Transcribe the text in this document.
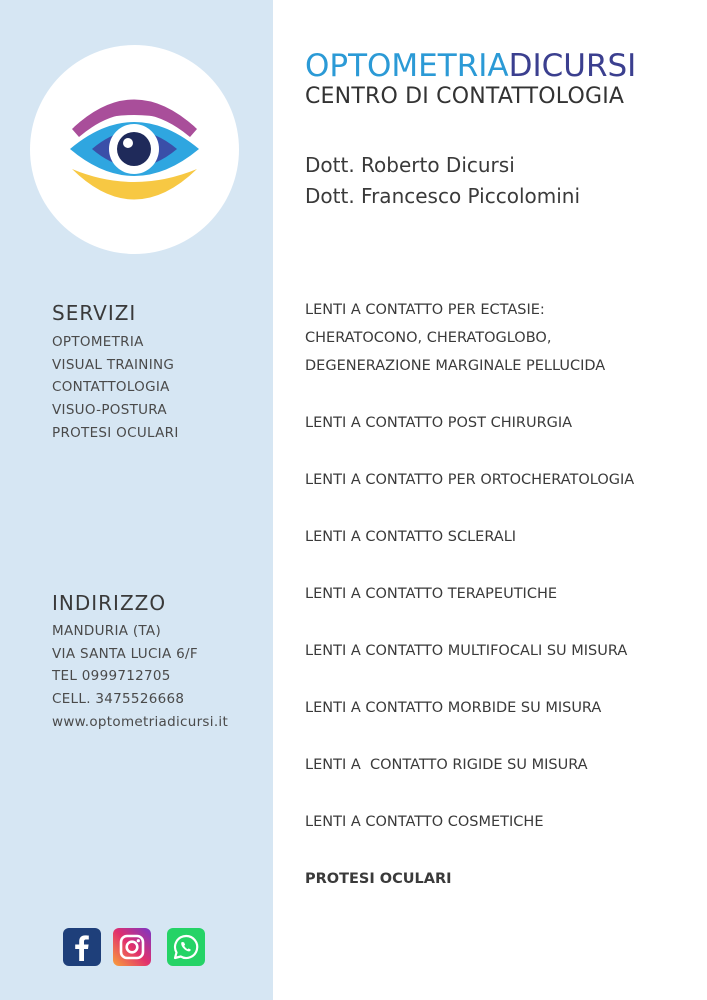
SERVIZI
OPTOMETRIA
VISUAL TRAINING
CONTATTOLOGIA
VISUO-POSTURA
PROTESI OCULARI
INDIRIZZO
MANDURIA (TA)
VIA SANTA LUCIA 6/F
TEL 0999712705
CELL. 3475526668
www.optometriadicursi.it
OPTOMETRIADICURSI
CENTRO DI CONTATTOLOGIA
Dott. Roberto Dicursi
Dott. Francesco Piccolomini
LENTI A CONTATTO PER ECTASIE:
CHERATOCONO, CHERATOGLOBO,
DEGENERAZIONE MARGINALE PELLUCIDA
LENTI A CONTATTO POST CHIRURGIA
LENTI A CONTATTO PER ORTOCHERATOLOGIA
LENTI A CONTATTO SCLERALI
LENTI A CONTATTO TERAPEUTICHE
LENTI A CONTATTO MULTIFOCALI SU MISURA
LENTI A CONTATTO MORBIDE SU MISURA
LENTI A  CONTATTO RIGIDE SU MISURA
LENTI A CONTATTO COSMETICHE
PROTESI OCULARI
